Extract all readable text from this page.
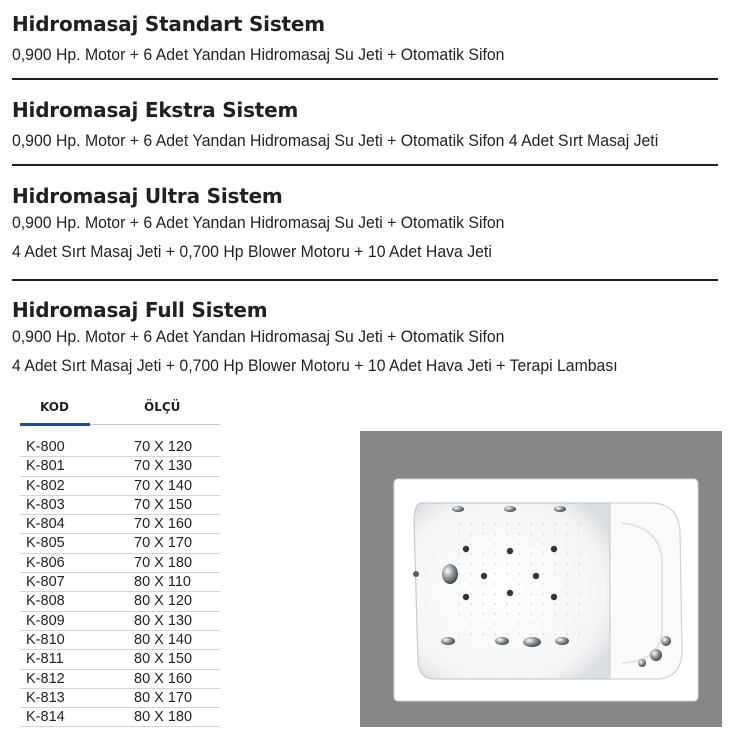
Hidromasaj Standart Sistem
0,900 Hp. Motor + 6 Adet Yandan Hidromasaj Su Jeti + Otomatik Sifon
Hidromasaj Ekstra Sistem
0,900 Hp. Motor + 6 Adet Yandan Hidromasaj Su Jeti + Otomatik Sifon 4 Adet Sırt Masaj Jeti
Hidromasaj Ultra Sistem
0,900 Hp. Motor + 6 Adet Yandan Hidromasaj Su Jeti + Otomatik Sifon
4 Adet Sırt Masaj Jeti + 0,700 Hp Blower Motoru + 10 Adet Hava Jeti
Hidromasaj Full Sistem
0,900 Hp. Motor + 6 Adet Yandan Hidromasaj Su Jeti + Otomatik Sifon
4 Adet Sırt Masaj Jeti + 0,700 Hp Blower Motoru + 10 Adet Hava Jeti + Terapi Lambası
KOD	ÖLÇÜ
K-800	70 X 120
K-801	70 X 130
K-802	70 X 140
K-803	70 X 150
K-804	70 X 160
K-805	70 X 170
K-806	70 X 180
K-807	80 X 110
K-808	80 X 120
K-809	80 X 130
K-810	80 X 140
K-811	80 X 150
K-812	80 X 160
K-813	80 X 170
K-814	80 X 180
